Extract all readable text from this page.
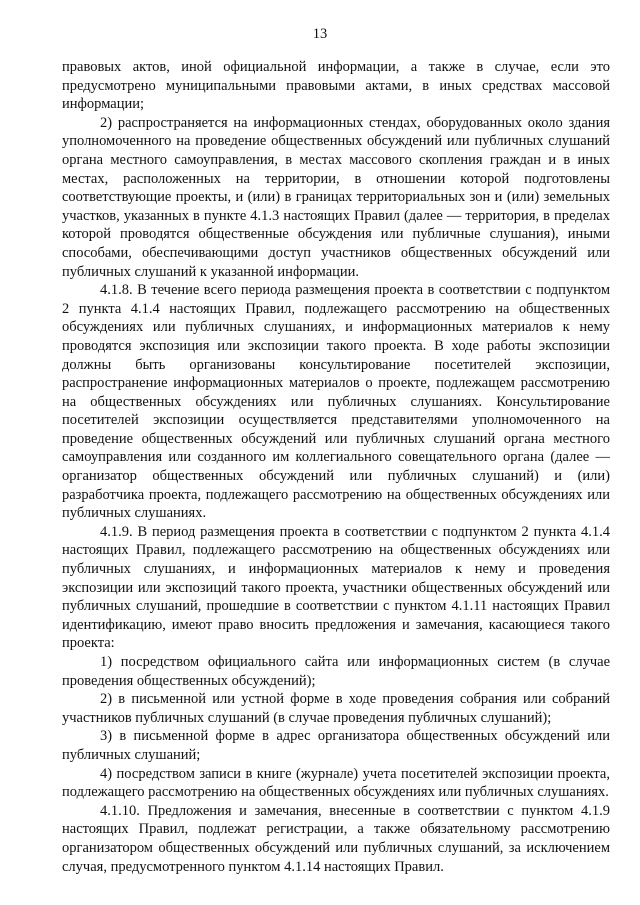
13

правовых актов, иной официальной информации, а также в случае, если это предусмотрено муниципальными правовыми актами, в иных средствах массовой информации;

2) распространяется на информационных стендах, оборудованных около здания уполномоченного на проведение общественных обсуждений или публичных слушаний органа местного самоуправления, в местах массового скопления граждан и в иных местах, расположенных на территории, в отношении которой подготовлены соответствующие проекты, и (или) в границах территориальных зон и (или) земельных участков, указанных в пункте 4.1.3 настоящих Правил (далее — территория, в пределах которой проводятся общественные обсуждения или публичные слушания), иными способами, обеспечивающими доступ участников общественных обсуждений или публичных слушаний к указанной информации.

4.1.8. В течение всего периода размещения проекта в соответствии с подпунктом 2 пункта 4.1.4 настоящих Правил, подлежащего рассмотрению на общественных обсуждениях или публичных слушаниях, и информационных материалов к нему проводятся экспозиция или экспозиции такого проекта. В ходе работы экспозиции должны быть организованы консультирование посетителей экспозиции, распространение информационных материалов о проекте, подлежащем рассмотрению на общественных обсуждениях или публичных слушаниях. Консультирование посетителей экспозиции осуществляется представителями уполномоченного на проведение общественных обсуждений или публичных слушаний органа местного самоуправления или созданного им коллегиального совещательного органа (далее — организатор общественных обсуждений или публичных слушаний) и (или) разработчика проекта, подлежащего рассмотрению на общественных обсуждениях или публичных слушаниях.

4.1.9. В период размещения проекта в соответствии с подпунктом 2 пункта 4.1.4 настоящих Правил, подлежащего рассмотрению на общественных обсуждениях или публичных слушаниях, и информационных материалов к нему и проведения экспозиции или экспозиций такого проекта, участники общественных обсуждений или публичных слушаний, прошедшие в соответствии с пунктом 4.1.11 настоящих Правил идентификацию, имеют право вносить предложения и замечания, касающиеся такого проекта:

1) посредством официального сайта или информационных систем (в случае проведения общественных обсуждений);

2) в письменной или устной форме в ходе проведения собрания или собраний участников публичных слушаний (в случае проведения публичных слушаний);

3) в письменной форме в адрес организатора общественных обсуждений или публичных слушаний;

4) посредством записи в книге (журнале) учета посетителей экспозиции проекта, подлежащего рассмотрению на общественных обсуждениях или публичных слушаниях.

4.1.10. Предложения и замечания, внесенные в соответствии с пунктом 4.1.9 настоящих Правил, подлежат регистрации, а также обязательному рассмотрению организатором общественных обсуждений или публичных слушаний, за исключением случая, предусмотренного пунктом 4.1.14 настоящих Правил.
